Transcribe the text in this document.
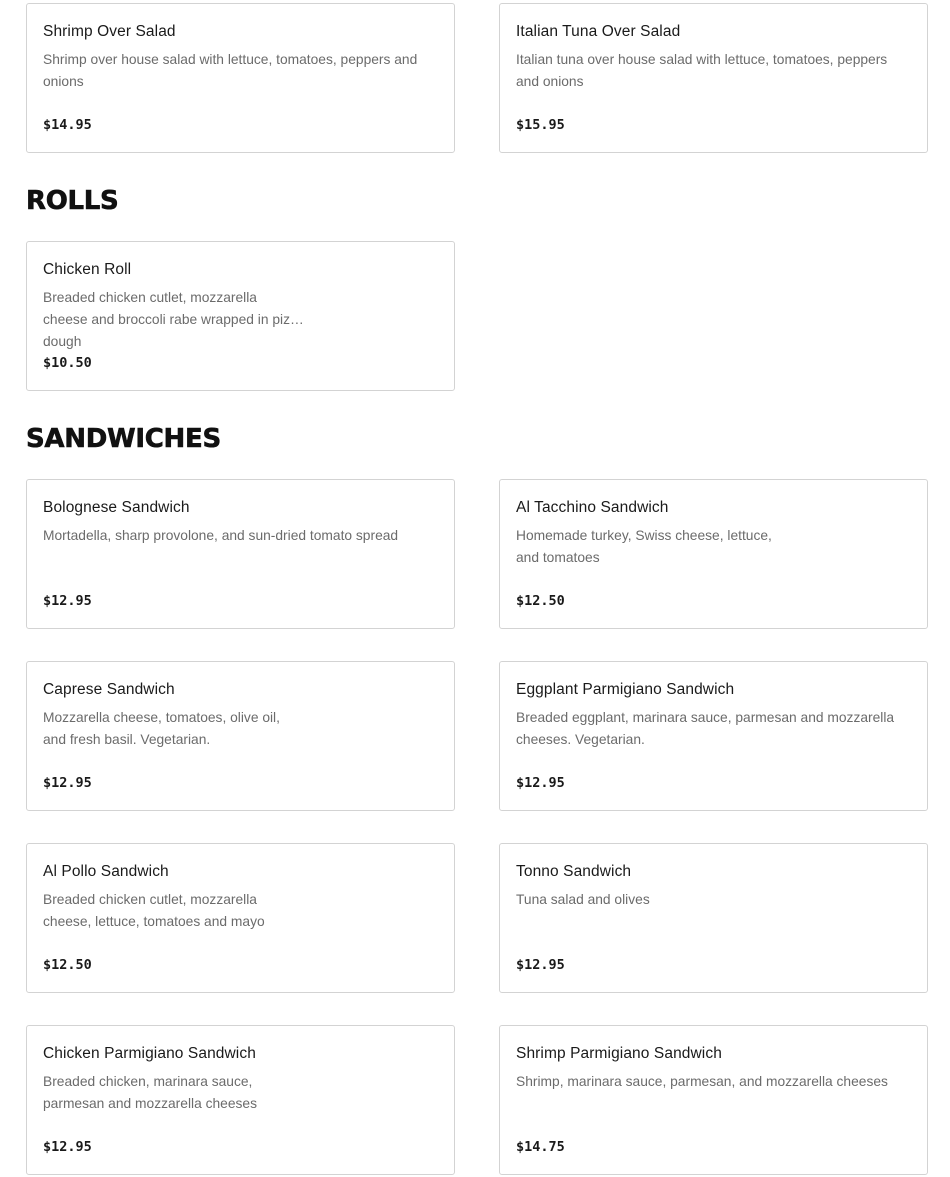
Shrimp Over Salad
Shrimp over house salad with lettuce, tomatoes, peppers and onions
$14.95
Italian Tuna Over Salad
Italian tuna over house salad with lettuce, tomatoes, peppers and onions
$15.95
ROLLS
Chicken Roll
Breaded chicken cutlet, mozzarella cheese and broccoli rabe wrapped in pizza dough
$10.50
SANDWICHES
Bolognese Sandwich
Mortadella, sharp provolone, and sun-dried tomato spread
$12.95
Al Tacchino Sandwich
Homemade turkey, Swiss cheese, lettuce, and tomatoes
$12.50
Caprese Sandwich
Mozzarella cheese, tomatoes, olive oil, and fresh basil. Vegetarian.
$12.95
Eggplant Parmigiano Sandwich
Breaded eggplant, marinara sauce, parmesan and mozzarella cheeses. Vegetarian.
$12.95
Al Pollo Sandwich
Breaded chicken cutlet, mozzarella cheese, lettuce, tomatoes and mayo
$12.50
Tonno Sandwich
Tuna salad and olives
$12.95
Chicken Parmigiano Sandwich
Breaded chicken, marinara sauce, parmesan and mozzarella cheeses
$12.95
Shrimp Parmigiano Sandwich
Shrimp, marinara sauce, parmesan, and mozzarella cheeses
$14.75
